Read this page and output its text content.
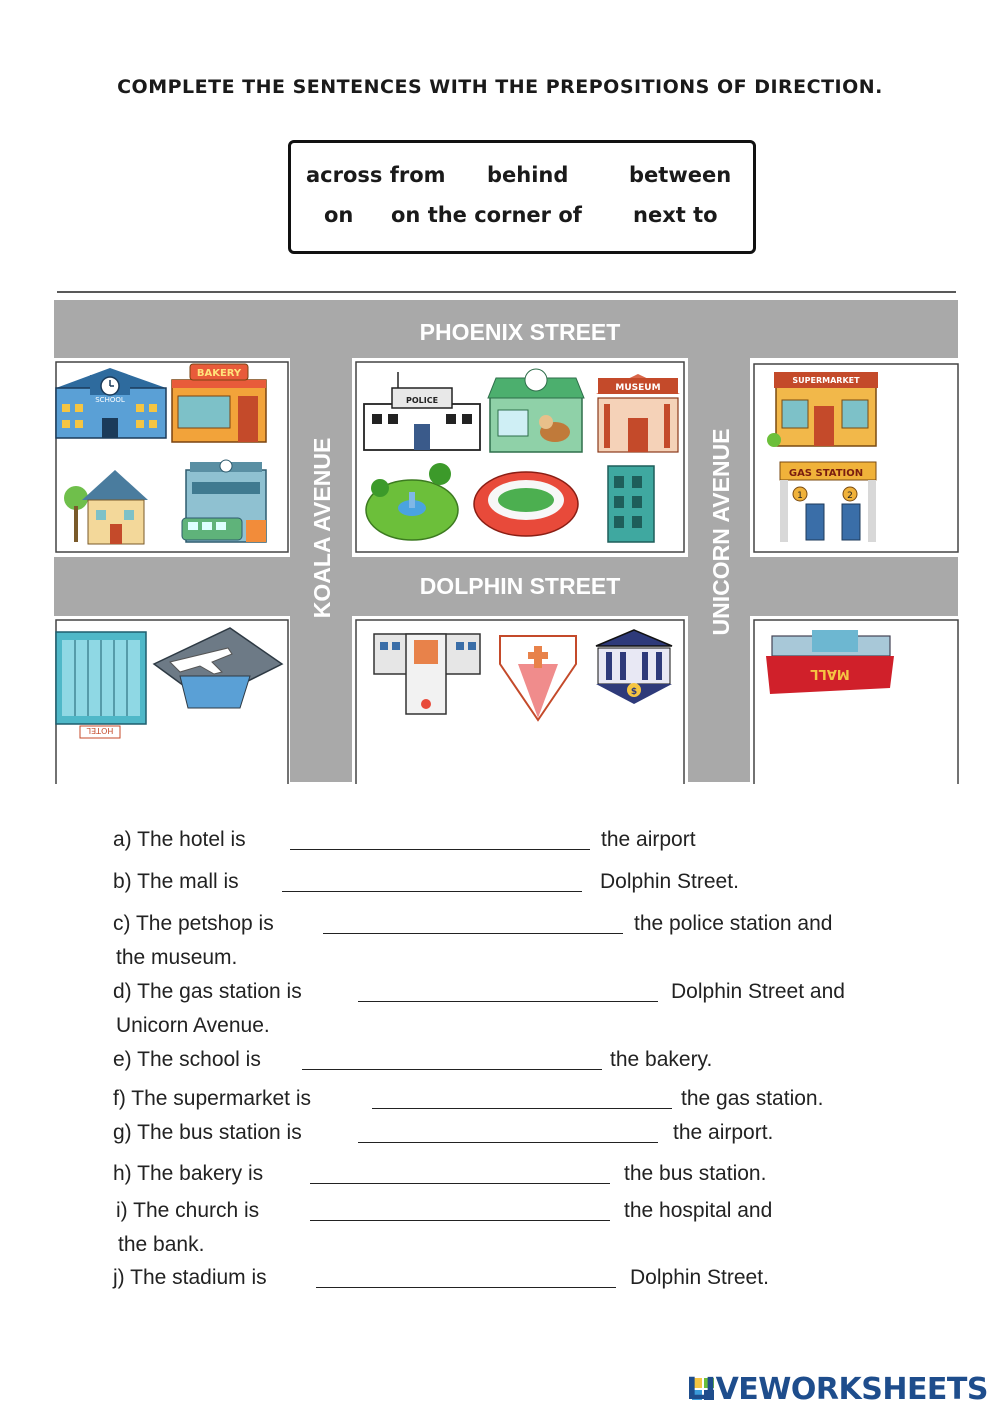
COMPLETE THE SENTENCES WITH THE PREPOSITIONS OF DIRECTION.
across from behind	between
on on the corner of next to
PHOENIX STREET
DOLPHIN STREET
KOALA AVENUE	UNICORN AVENUE
SCHOOL
BAKERY
POLICE
MUSEUM
SUPERMARKET
GAS STATION
1	2
HOTEL
$
MALL
a) The hotel is	the airport
b) The mall is	Dolphin Street.
c) The petshop is	the police station and
the museum.
d) The gas station is	Dolphin Street and
Unicorn Avenue.
e) The school is	the bakery.
f) The supermarket is	the gas station.
g) The bus station is	the airport.
h) The bakery is	the bus station.
i) The church is	the hospital and
the bank.
j) The stadium is	Dolphin Street.
LIVEWORKSHEETS
